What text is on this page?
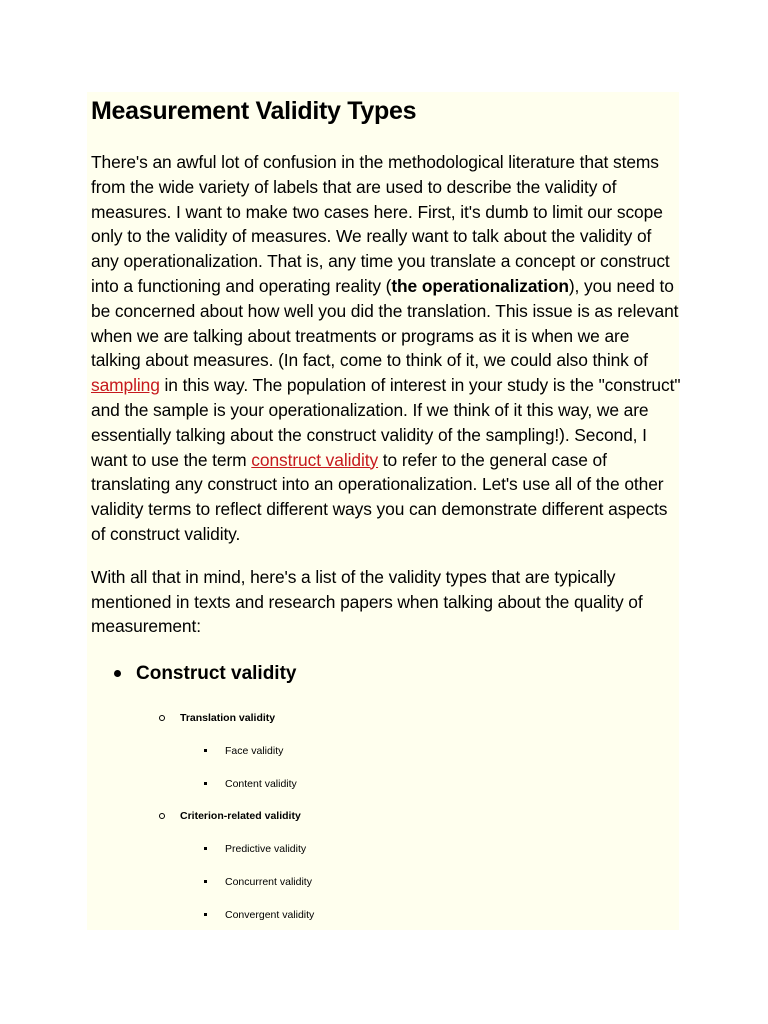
Measurement Validity Types

There's an awful lot of confusion in the methodological literature that stems from the wide variety of labels that are used to describe the validity of measures. I want to make two cases here. First, it's dumb to limit our scope only to the validity of measures. We really want to talk about the validity of any operationalization. That is, any time you translate a concept or construct into a functioning and operating reality (the operationalization), you need to be concerned about how well you did the translation. This issue is as relevant when we are talking about treatments or programs as it is when we are talking about measures. (In fact, come to think of it, we could also think of sampling in this way. The population of interest in your study is the "construct" and the sample is your operationalization. If we think of it this way, we are essentially talking about the construct validity of the sampling!). Second, I want to use the term construct validity to refer to the general case of translating any construct into an operationalization. Let's use all of the other validity terms to reflect different ways you can demonstrate different aspects of construct validity.

With all that in mind, here's a list of the validity types that are typically mentioned in texts and research papers when talking about the quality of measurement:

Construct validity
Translation validity
Face validity
Content validity
Criterion-related validity
Predictive validity
Concurrent validity
Convergent validity
